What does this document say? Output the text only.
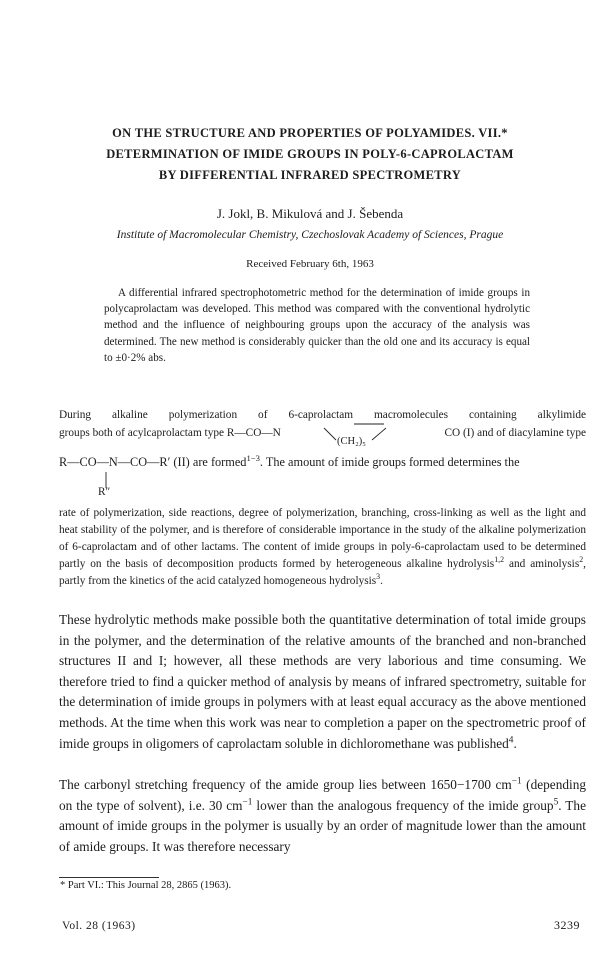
ON THE STRUCTURE AND PROPERTIES OF POLYAMIDES. VII.*
DETERMINATION OF IMIDE GROUPS IN POLY-6-CAPROLACTAM
BY DIFFERENTIAL INFRARED SPECTROMETRY
J. Jokl, B. Mikulová and J. Šebenda
Institute of Macromolecular Chemistry, Czechoslovak Academy of Sciences, Prague
Received February 6th, 1963

A differential infrared spectrophotometric method for the determination of imide groups in polycaprolactam was developed. This method was compared with the conventional hydrolytic method and the influence of neighbouring groups upon the accuracy of the analysis was determined. The new method is considerably quicker than the old one and its accuracy is equal to ±0·2% abs.

During alkaline polymerization of 6-caprolactam macromolecules containing alkylimide
groups both of acylcaprolactam type R—CO—N
(CH₂)₅
CO (I) and of diacylamine type
R—CO—N—CO—R′ (II) are formed$^{1-3}$. The amount of imide groups formed determines the
R″

rate of polymerization, side reactions, degree of polymerization, branching, cross-linking as well as the light and heat stability of the polymer, and is therefore of considerable importance in the study of the alkaline polymerization of 6-caprolactam and of other lactams. The content of imide groups in poly-6-caprolactam used to be determined partly on the basis of decomposition products formed by heterogeneous alkaline hydrolysis$^{1,2}$ and aminolysis$^2$, partly from the kinetics of the acid catalyzed homogeneous hydrolysis$^3$.

These hydrolytic methods make possible both the quantitative determination of total imide groups in the polymer, and the determination of the relative amounts of the branched and non-branched structures II and I; however, all these methods are very laborious and time consuming. We therefore tried to find a quicker method of analysis by means of infrared spectrometry, suitable for the determination of imide groups in polymers with at least equal accuracy as the above mentioned methods. At the time when this work was near to completion a paper on the spectrometric proof of imide groups in oligomers of caprolactam soluble in dichloromethane was published$^4$.

The carbonyl stretching frequency of the amide group lies between 1650−1700 $cm^{-1}$ (depending on the type of solvent), i.e. 30 $cm^{-1}$ lower than the analogous frequency of the imide group$^5$. The amount of imide groups in the polymer is usually by an order of magnitude lower than the amount of amide groups. It was therefore necessary

* Part VI.: This Journal 28, 2865 (1963).
Vol. 28 (1963)	3239
